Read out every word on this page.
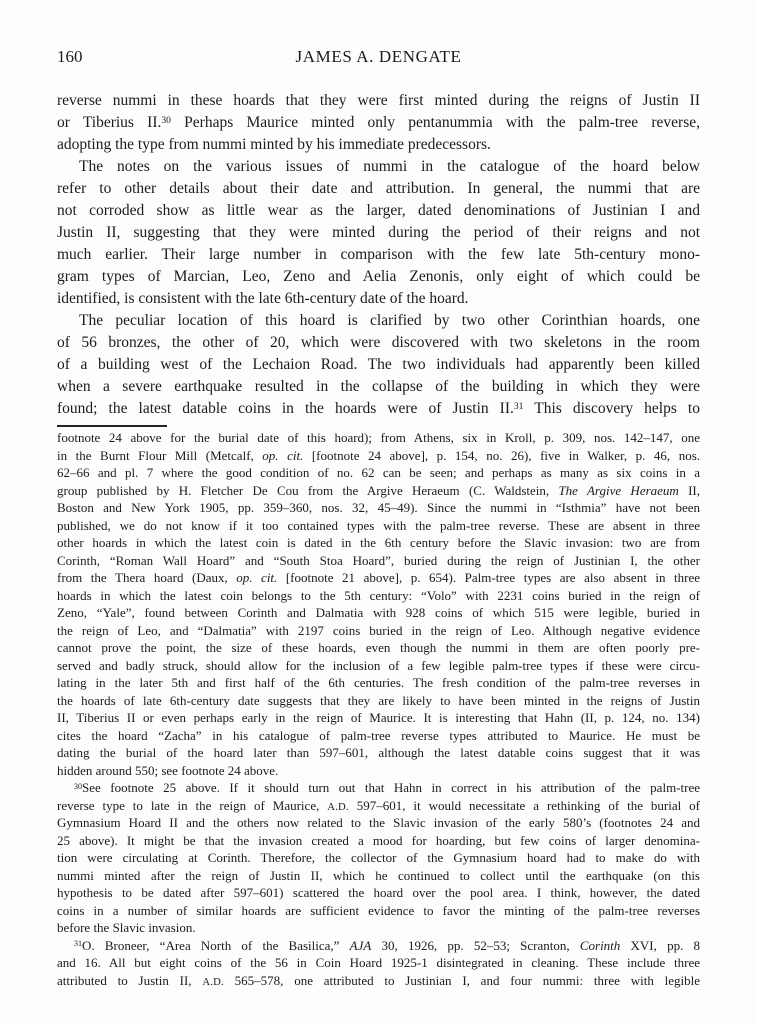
160	JAMES A. DENGATE
reverse nummi in these hoards that they were first minted during the reigns of Justin II
or Tiberius II.$^{30}$ Perhaps Maurice minted only pentanummia with the palm-tree reverse,
adopting the type from nummi minted by his immediate predecessors.
The notes on the various issues of nummi in the catalogue of the hoard below
refer to other details about their date and attribution. In general, the nummi that are
not corroded show as little wear as the larger, dated denominations of Justinian I and
Justin II, suggesting that they were minted during the period of their reigns and not
much earlier. Their large number in comparison with the few late 5th-century mono-
gram types of Marcian, Leo, Zeno and Aelia Zenonis, only eight of which could be
identified, is consistent with the late 6th-century date of the hoard.
The peculiar location of this hoard is clarified by two other Corinthian hoards, one
of 56 bronzes, the other of 20, which were discovered with two skeletons in the room
of a building west of the Lechaion Road. The two individuals had apparently been killed
when a severe earthquake resulted in the collapse of the building in which they were
found; the latest datable coins in the hoards were of Justin II.$^{31}$ This discovery helps to
footnote 24 above for the burial date of this hoard); from Athens, six in Kroll, p. 309, nos. 142–147, one
in the Burnt Flour Mill (Metcalf, op. cit. [footnote 24 above], p. 154, no. 26), five in Walker, p. 46, nos.
62–66 and pl. 7 where the good condition of no. 62 can be seen; and perhaps as many as six coins in a
group published by H. Fletcher De Cou from the Argive Heraeum (C. Waldstein, The Argive Heraeum II,
Boston and New York 1905, pp. 359–360, nos. 32, 45–49). Since the nummi in “Isthmia” have not been
published, we do not know if it too contained types with the palm-tree reverse. These are absent in three
other hoards in which the latest coin is dated in the 6th century before the Slavic invasion: two are from
Corinth, “Roman Wall Hoard” and “South Stoa Hoard”, buried during the reign of Justinian I, the other
from the Thera hoard (Daux, op. cit. [footnote 21 above], p. 654). Palm-tree types are also absent in three
hoards in which the latest coin belongs to the 5th century: “Volo” with 2231 coins buried in the reign of
Zeno, “Yale”, found between Corinth and Dalmatia with 928 coins of which 515 were legible, buried in
the reign of Leo, and “Dalmatia” with 2197 coins buried in the reign of Leo. Although negative evidence
cannot prove the point, the size of these hoards, even though the nummi in them are often poorly pre-
served and badly struck, should allow for the inclusion of a few legible palm-tree types if these were circu-
lating in the later 5th and first half of the 6th centuries. The fresh condition of the palm-tree reverses in
the hoards of late 6th-century date suggests that they are likely to have been minted in the reigns of Justin
II, Tiberius II or even perhaps early in the reign of Maurice. It is interesting that Hahn (II, p. 124, no. 134)
cites the hoard “Zacha” in his catalogue of palm-tree reverse types attributed to Maurice. He must be
dating the burial of the hoard later than 597–601, although the latest datable coins suggest that it was
hidden around 550; see footnote 24 above.
$^{30}$See footnote 25 above. If it should turn out that Hahn in correct in his attribution of the palm-tree
reverse type to late in the reign of Maurice, A.D. 597–601, it would necessitate a rethinking of the burial of
Gymnasium Hoard II and the others now related to the Slavic invasion of the early 580’s (footnotes 24 and
25 above). It might be that the invasion created a mood for hoarding, but few coins of larger denomina-
tion were circulating at Corinth. Therefore, the collector of the Gymnasium hoard had to make do with
nummi minted after the reign of Justin II, which he continued to collect until the earthquake (on this
hypothesis to be dated after 597–601) scattered the hoard over the pool area. I think, however, the dated
coins in a number of similar hoards are sufficient evidence to favor the minting of the palm-tree reverses
before the Slavic invasion.
$^{31}$O. Broneer, “Area North of the Basilica,” AJA 30, 1926, pp. 52–53; Scranton, Corinth XVI, pp. 8
and 16. All but eight coins of the 56 in Coin Hoard 1925-1 disintegrated in cleaning. These include three
attributed to Justin II, A.D. 565–578, one attributed to Justinian I, and four nummi: three with legible
